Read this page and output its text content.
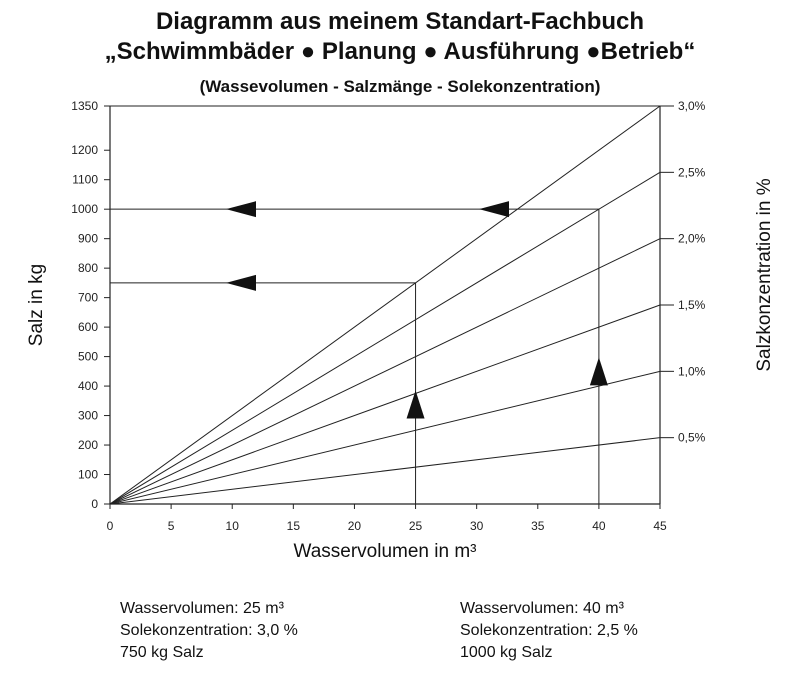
Diagramm aus meinem Standart-Fachbuch
„Schwimmbäder ● Planung ● Ausführung ●Betrieb“
(Wassevolumen - Salzmänge - Solekonzentration)
0
100
200
300
400
500
600
700
800
900
1000
1100
1200
1350
0	5	10	15	20	25	30	35	40	45
Wasservolumen in m³
Salz in kg	Salzkonzentration in %
0,5%
1,0%
1,5%
2,0%
2,5%
3,0%
Wasservolumen: 25 m³
Solekonzentration: 3,0 %
750 kg Salz
Wasservolumen: 40 m³
Solekonzentration: 2,5 %
1000 kg Salz
